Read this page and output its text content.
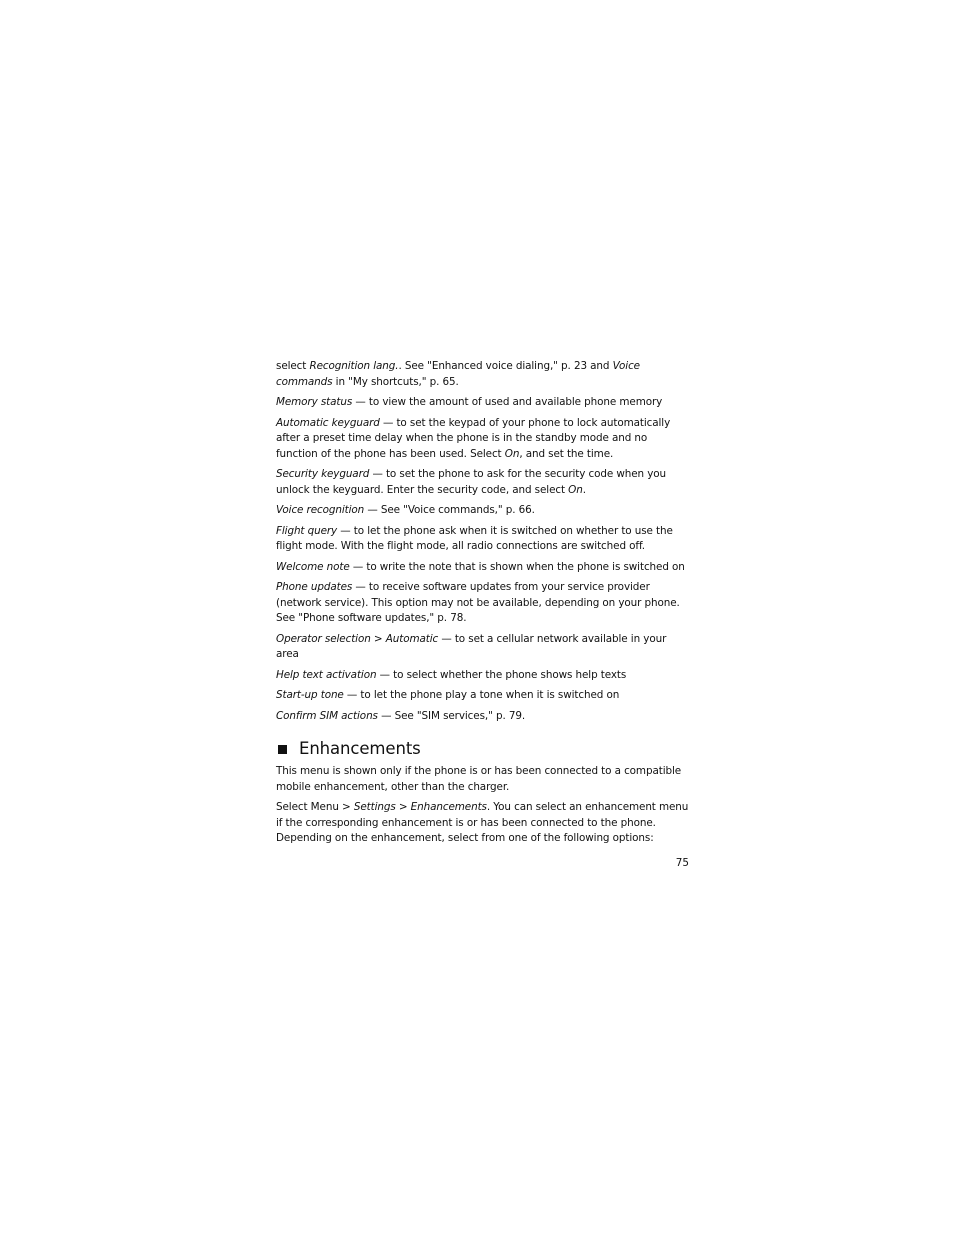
select Recognition lang.. See "Enhanced voice dialing," p. 23 and Voice commands in "My shortcuts," p. 65.

Memory status — to view the amount of used and available phone memory

Automatic keyguard — to set the keypad of your phone to lock automatically after a preset time delay when the phone is in the standby mode and no function of the phone has been used. Select On, and set the time.

Security keyguard — to set the phone to ask for the security code when you unlock the keyguard. Enter the security code, and select On.

Voice recognition — See "Voice commands," p. 66.

Flight query — to let the phone ask when it is switched on whether to use the flight mode. With the flight mode, all radio connections are switched off.

Welcome note — to write the note that is shown when the phone is switched on

Phone updates — to receive software updates from your service provider (network service). This option may not be available, depending on your phone. See "Phone software updates," p. 78.

Operator selection > Automatic — to set a cellular network available in your area

Help text activation — to select whether the phone shows help texts

Start-up tone — to let the phone play a tone when it is switched on

Confirm SIM actions — See "SIM services," p. 79.

Enhancements

This menu is shown only if the phone is or has been connected to a compatible mobile enhancement, other than the charger.

Select Menu > Settings > Enhancements. You can select an enhancement menu if the corresponding enhancement is or has been connected to the phone. Depending on the enhancement, select from one of the following options:

75
